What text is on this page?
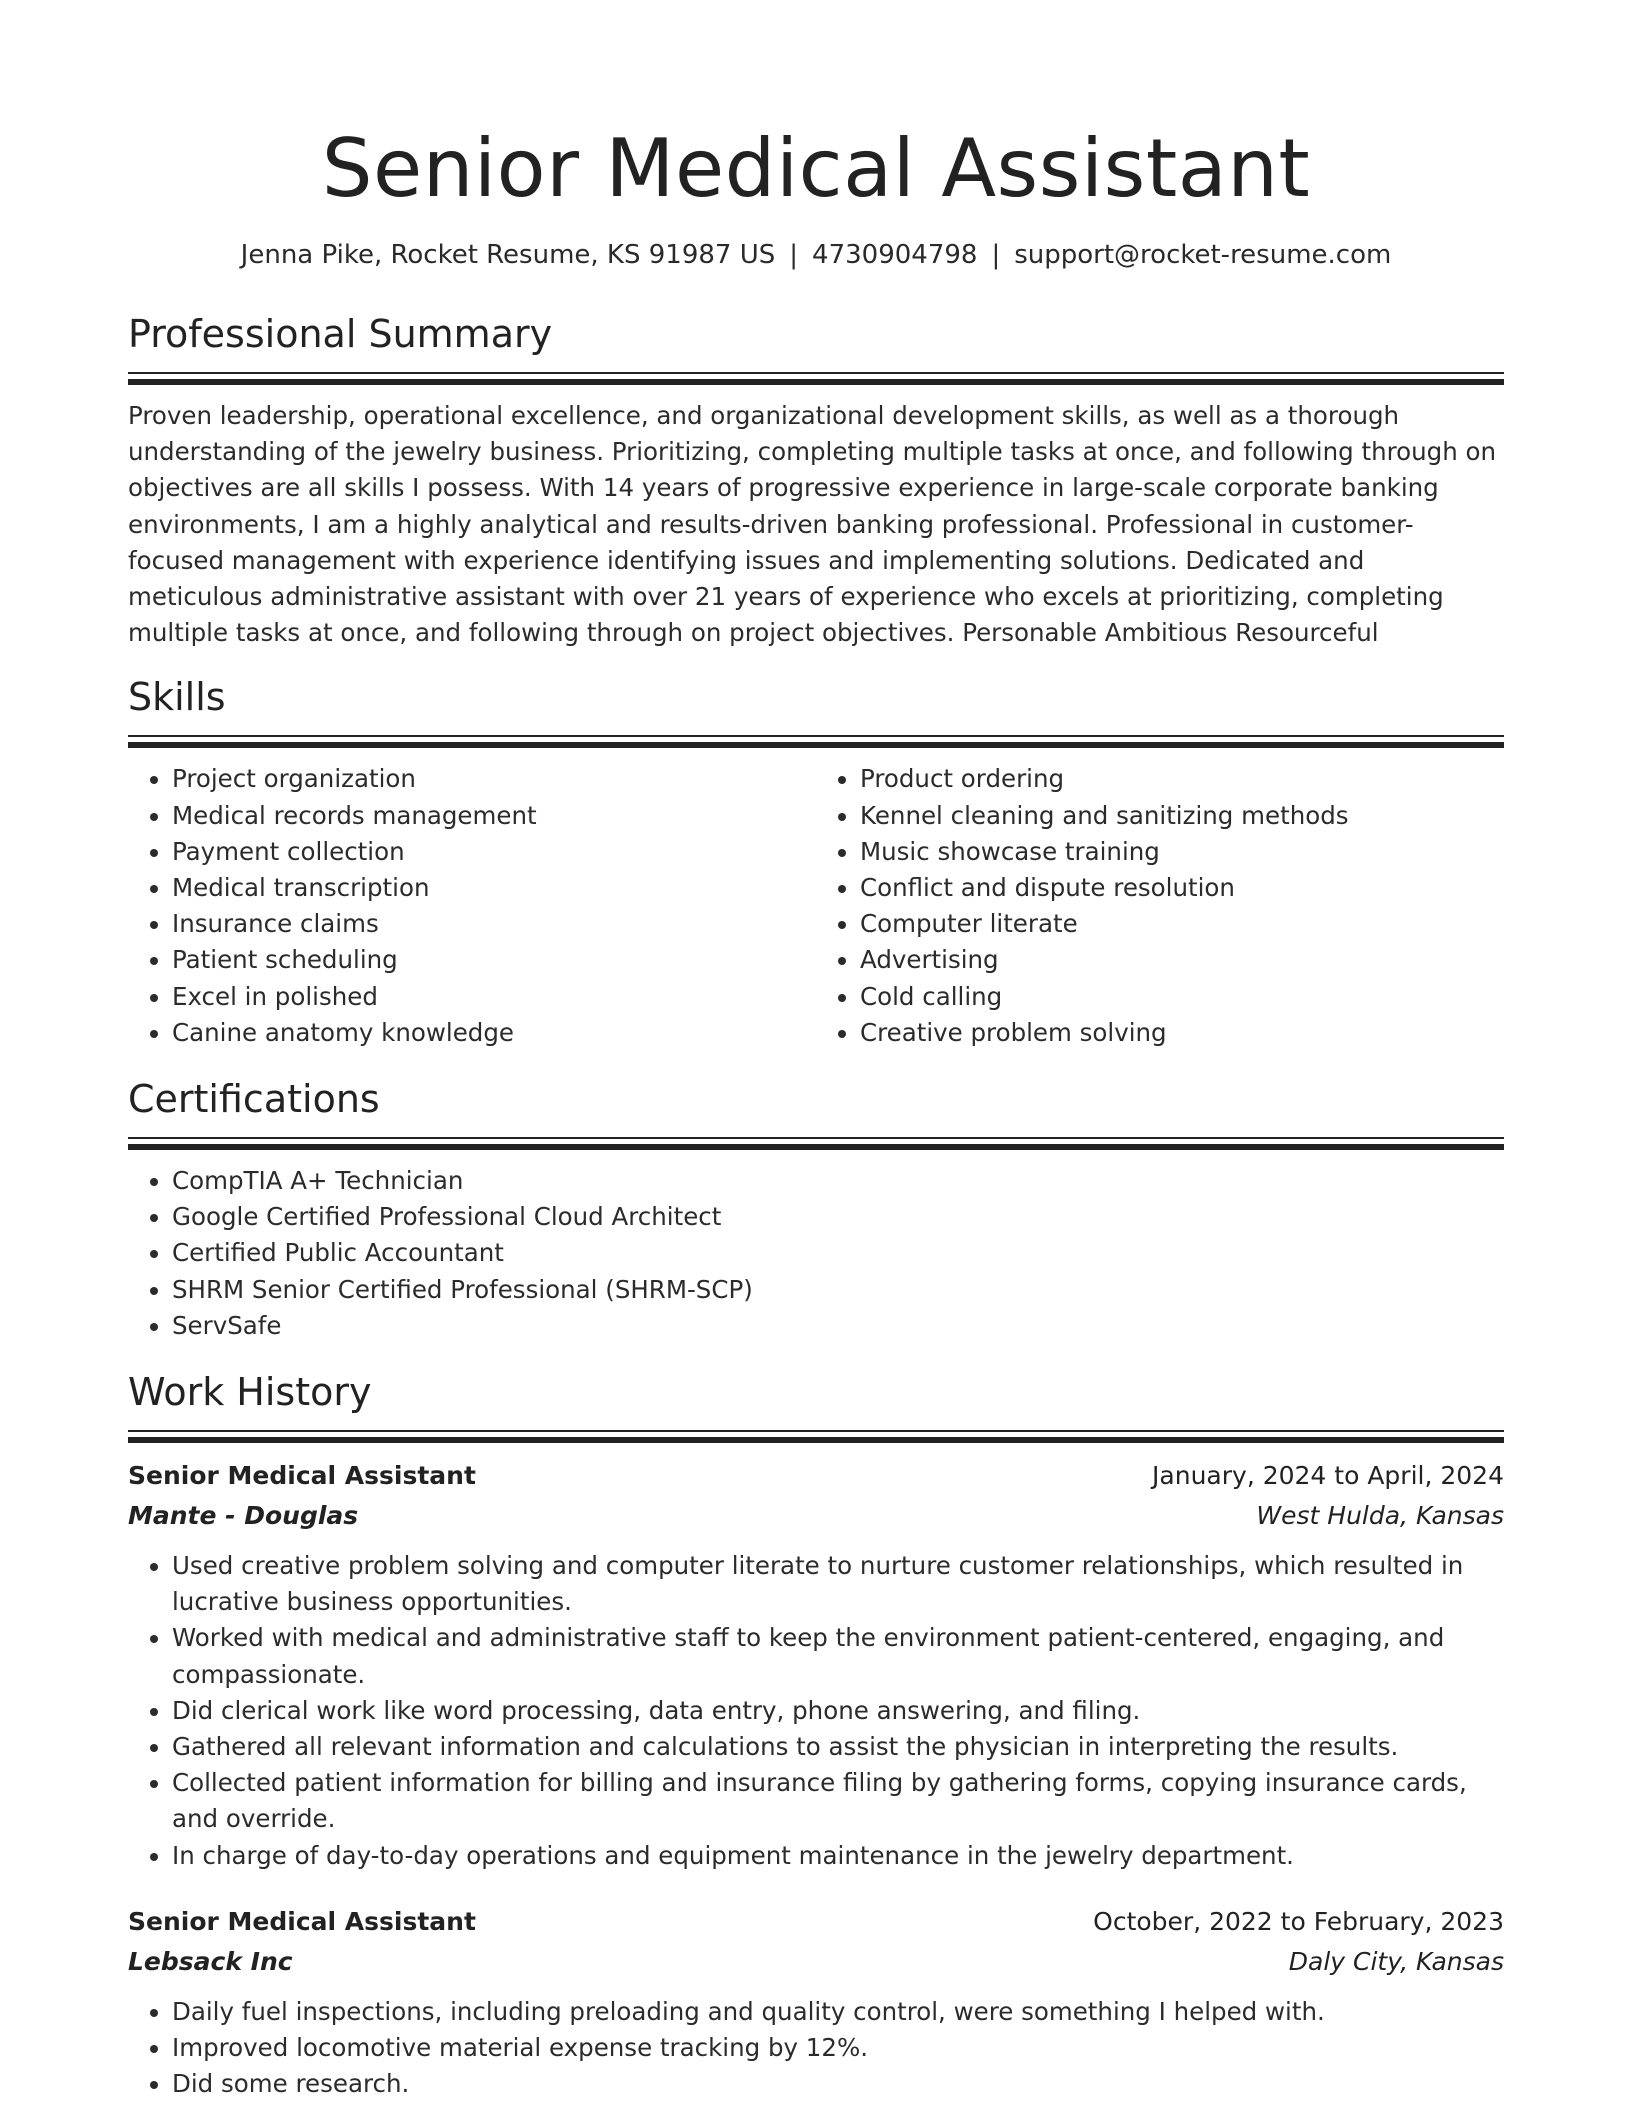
Senior Medical Assistant
Jenna Pike, Rocket Resume, KS 91987 US | 4730904798 | support@rocket-resume.com
Professional Summary

Proven leadership, operational excellence, and organizational development skills, as well as a thorough understanding of the jewelry business. Prioritizing, completing multiple tasks at once, and following through on objectives are all skills I possess. With 14 years of progressive experience in large-scale corporate banking environments, I am a highly analytical and results-driven banking professional. Professional in customer-focused management with experience identifying issues and implementing solutions. Dedicated and meticulous administrative assistant with over 21 years of experience who excels at prioritizing, completing multiple tasks at once, and following through on project objectives. Personable Ambitious Resourceful

Skills
• Project organization
• Medical records management
• Payment collection
• Medical transcription
• Insurance claims
• Patient scheduling
• Excel in polished
• Canine anatomy knowledge
• Product ordering
• Kennel cleaning and sanitizing methods
• Music showcase training
• Conflict and dispute resolution
• Computer literate
• Advertising
• Cold calling
• Creative problem solving
Certifications
• CompTIA A+ Technician
• Google Certified Professional Cloud Architect
• Certified Public Accountant
• SHRM Senior Certified Professional (SHRM-SCP)
• ServSafe
Work History
Senior Medical Assistant	January, 2024 to April, 2024
Mante - Douglas	West Hulda, Kansas
• Used creative problem solving and computer literate to nurture customer relationships, which resulted in lucrative business opportunities.
• Worked with medical and administrative staff to keep the environment patient-centered, engaging, and compassionate.
• Did clerical work like word processing, data entry, phone answering, and filing.
• Gathered all relevant information and calculations to assist the physician in interpreting the results.
• Collected patient information for billing and insurance filing by gathering forms, copying insurance cards, and override.
• In charge of day-to-day operations and equipment maintenance in the jewelry department.
Senior Medical Assistant	October, 2022 to February, 2023
Lebsack Inc	Daly City, Kansas
• Daily fuel inspections, including preloading and quality control, were something I helped with.
• Improved locomotive material expense tracking by 12%.
• Did some research.
